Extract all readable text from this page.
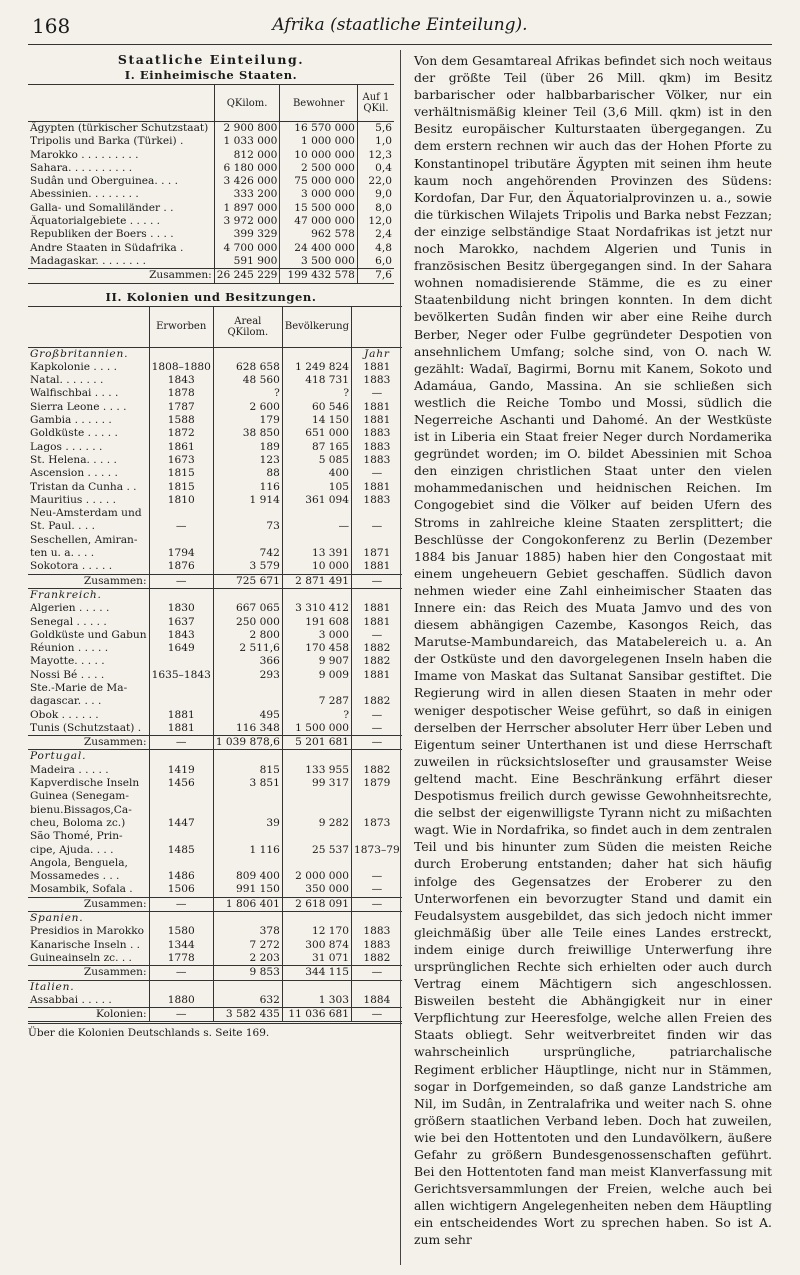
168	Afrika (staatliche Einteilung).
Staatliche Einteilung.
I. Einheimische Staaten.
	QKilom.	Bewohner	Auf 1 QKil.
Ägypten (türkischer Schutzstaat)	2 900 800	16 570 000	5,6
Tripolis und Barka (Türkei) .	1 033 000	1 000 000	1,0
Marokko . . . . . . . . .	812 000	10 000 000	12,3
Sahara. . . . . . . . . .	6 180 000	2 500 000	0,4
Sudân und Oberguinea. . . .	3 426 000	75 000 000	22,0
Abessinien. . . . . . . .	333 200	3 000 000	9,0
Galla- und Somaliländer . .	1 897 000	15 500 000	8,0
Äquatorialgebiete . . . . .	3 972 000	47 000 000	12,0
Republiken der Boers . . . .	399 329	962 578	2,4
Andre Staaten in Südafrika .	4 700 000	24 400 000	4,8
Madagaskar. . . . . . . .	591 900	3 500 000	6,0
Zusammen:	26 245 229	199 432 578	7,6
II. Kolonien und Besitzungen.
	Erworben	Areal QKilom.	Bevölkerung	
Großbritannien.				Jahr
Kapkolonie . . . .	1808–1880	628 658	1 249 824	1881
Natal. . . . . . .	1843	48 560	418 731	1883
Walfischbai . . . .	1878	?	?	—
Sierra Leone . . . .	1787	2 600	60 546	1881
Gambia . . . . . .	1588	179	14 150	1881
Goldküste . . . . .	1872	38 850	651 000	1883
Lagos . . . . . .	1861	189	87 165	1883
St. Helena. . . . .	1673	123	5 085	1883
Ascension . . . . .	1815	88	400	—
Tristan da Cunha . .	1815	116	105	1881
Mauritius . . . . .	1810	1 914	361 094	1883
Neu-Amsterdam und				
St. Paul. . . .	—	73	—	—
Seschellen, Amiran-				
ten u. a. . . .	1794	742	13 391	1871
Sokotora . . . . .	1876	3 579	10 000	1881
Zusammen:	—	725 671	2 871 491	—
Frankreich.				
Algerien . . . . .	1830	667 065	3 310 412	1881
Senegal . . . . .	1637	250 000	191 608	1881
Goldküste und Gabun	1843	2 800	3 000	—
Réunion . . . . .	1649	2 511,6	170 458	1882
Mayotte. . . . .		366	9 907	1882
Nossi Bé . . . .	1635–1843	293	9 009	1881
Ste.-Marie de Ma-				
dagascar. . . .			7 287	1882
Obok . . . . . .	1881	495	?	—
Tunis (Schutzstaat) .	1881	116 348	1 500 000	—
Zusammen:	—	1 039 878,6	5 201 681	—
Portugal.				
Madeira . . . . .	1419	815	133 955	1882
Kapverdische Inseln	1456	3 851	99 317	1879
Guinea (Senegam-				
bienu.Bissagos,Ca-				
cheu, Boloma zc.)	1447	39	9 282	1873
São Thomé, Prin-				
cipe, Ajuda. . . .	1485	1 116	25 537	1873–79
Angola, Benguela,				
Mossamedes . . .	1486	809 400	2 000 000	—
Mosambik, Sofala .	1506	991 150	350 000	—
Zusammen:	—	1 806 401	2 618 091	—
Spanien.				
Presidios in Marokko	1580	378	12 170	1883
Kanarische Inseln . .	1344	7 272	300 874	1883
Guineainseln zc. . .	1778	2 203	31 071	1882
Zusammen:	—	9 853	344 115	—
Italien.				
Assabbai . . . . .	1880	632	1 303	1884
Kolonien:	—	3 582 435	11 036 681	—
Über die Kolonien Deutschlands s. Seite 169.

Von dem Gesamtareal Afrikas befindet sich noch weitaus der größte Teil (über 26 Mill. qkm) im Besitz barbarischer oder halbbarbarischer Völker, nur ein verhältnismäßig kleiner Teil (3,6 Mill. qkm) ist in den Besitz europäischer Kulturstaaten übergegangen. Zu dem erstern rechnen wir auch das der Hohen Pforte zu Konstantinopel tributäre Ägypten mit seinen ihm heute kaum noch angehörenden Provinzen des Südens: Kordofan, Dar Fur, den Äquatorialprovinzen u. a., sowie die türkischen Wilajets Tripolis und Barka nebst Fezzan; der einzige selbständige Staat Nordafrikas ist jetzt nur noch Marokko, nachdem Algerien und Tunis in französischen Besitz übergegangen sind. In der Sahara wohnen nomadisierende Stämme, die es zu einer Staatenbildung nicht bringen konnten. In dem dicht bevölkerten Sudân finden wir aber eine Reihe durch Berber, Neger oder Fulbe gegründeter Despotien von ansehnlichem Umfang; solche sind, von O. nach W. gezählt: Wadaï, Bagirmi, Bornu mit Kanem, Sokoto und Adamáua, Gando, Massina. An sie schließen sich westlich die Reiche Tombo und Mossi, südlich die Negerreiche Aschanti und Dahomé. An der Westküste ist in Liberia ein Staat freier Neger durch Nordamerika gegründet worden; im O. bildet Abessinien mit Schoa den einzigen christlichen Staat unter den vielen mohammedanischen und heidnischen Reichen. Im Congogebiet sind die Völker auf beiden Ufern des Stroms in zahlreiche kleine Staaten zersplittert; die Beschlüsse der Congokonferenz zu Berlin (Dezember 1884 bis Januar 1885) haben hier den Congostaat mit einem ungeheuern Gebiet geschaffen. Südlich davon nehmen wieder eine Zahl einheimischer Staaten das Innere ein: das Reich des Muata Jamvo und des von diesem abhängigen Cazembe, Kasongos Reich, das Marutse-Mambundareich, das Matabelereich u. a. An der Ostküste und den davorgelegenen Inseln haben die Imame von Maskat das Sultanat Sansibar gestiftet. Die Regierung wird in allen diesen Staaten in mehr oder weniger despotischer Weise geführt, so daß in einigen derselben der Herrscher absoluter Herr über Leben und Eigentum seiner Unterthanen ist und diese Herrschaft zuweilen in rücksichtsloseſter und grausamster Weise geltend macht. Eine Beschränkung erfährt dieser Despotismus freilich durch gewisse Gewohnheitsrechte, die selbst der eigenwilligste Tyrann nicht zu mißachten wagt. Wie in Nordafrika, so findet auch in dem zentralen Teil und bis hinunter zum Süden die meisten Reiche durch Eroberung entstanden; daher hat sich häufig infolge des Gegensatzes der Eroberer zu den Unterworfenen ein bevorzugter Stand und damit ein Feudalsystem ausgebildet, das sich jedoch nicht immer gleichmäßig über alle Teile eines Landes erstreckt, indem einige durch freiwillige Unterwerfung ihre ursprünglichen Rechte sich erhielten oder auch durch Vertrag einem Mächtigern sich angeschlossen. Bisweilen besteht die Abhängigkeit nur in einer Verpflichtung zur Heeresfolge, welche allen Freien des Staats obliegt. Sehr weitverbreitet finden wir das wahrscheinlich ursprüngliche, patriarchalische Regiment erblicher Häuptlinge, nicht nur in Stämmen, sogar in Dorfgemeinden, so daß ganze Landstriche am Nil, im Sudân, in Zentralafrika und weiter nach S. ohne größern staatlichen Verband leben. Doch hat zuweilen, wie bei den Hottentoten und den Lundavölkern, äußere Gefahr zu größern Bundesgenossenschaften geführt. Bei den Hottentoten fand man meist Klanverfassung mit Gerichtsversammlungen der Freien, welche auch bei allen wichtigern Angelegenheiten neben dem Häuptling ein entscheidendes Wort zu sprechen haben. So ist A. zum sehr
